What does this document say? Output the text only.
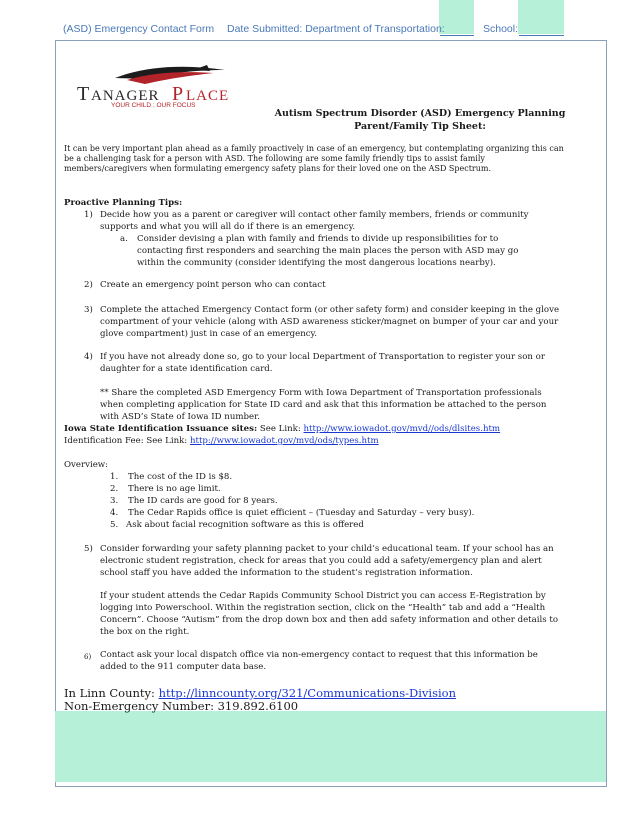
(ASD) Emergency Contact Form Date Submitted: Department of Transportation:
	School:

T ANAGER P LACE
YOUR CHILD : OUR FOCUS
Autism Spectrum Disorder (ASD) Emergency Planning
Parent/Family Tip Sheet:
It can be very important plan ahead as a family proactively in case of an emergency, but contemplating organizing this can be a challenging task for a person with ASD. The following are some family friendly tips to assist family members/caregivers when formulating emergency safety plans for their loved one on the ASD Spectrum.
Proactive Planning Tips:
1) Decide how you as a parent or caregiver will contact other family members, friends or community supports and what you will all do if there is an emergency.
a. Consider devising a plan with family and friends to divide up responsibilities for to contacting first responders and searching the main places the person with ASD may go within the community (consider identifying the most dangerous locations nearby).
2) Create an emergency point person who can contact
3) Complete the attached Emergency Contact form (or other safety form) and consider keeping in the glove compartment of your vehicle (along with ASD awareness sticker/magnet on bumper of your car and your glove compartment) just in case of an emergency.
4) If you have not already done so, go to your local Department of Transportation to register your son or daughter for a state identification card.
** Share the completed ASD Emergency Form with Iowa Department of Transportation professionals when completing application for State ID card and ask that this information be attached to the person with ASD’s State of Iowa ID number.
Iowa State Identification Issuance sites: See Link: http://www.iowadot.gov/mvd//ods/dlsites.htm
Identification Fee: See Link: http://www.iowadot.gov/mvd/ods/types.htm
Overview:
1. The cost of the ID is $8.
2. There is no age limit.
3. The ID cards are good for 8 years.
4. The Cedar Rapids office is quiet efficient – (Tuesday and Saturday – very busy).
5. Ask about facial recognition software as this is offered
5) Consider forwarding your safety planning packet to your child’s educational team. If your school has an electronic student registration, check for areas that you could add a safety/emergency plan and alert school staff you have added the information to the student’s registration information.
If your student attends the Cedar Rapids Community School District you can access E-Registration by logging into Powerschool. Within the registration section, click on the “Health” tab and add a “Health Concern”. Choose “Autism” from the drop down box and then add safety information and other details to the box on the right.
6) Contact ask your local dispatch office via non-emergency contact to request that this information be added to the 911 computer data base.
In Linn County: http://linncounty.org/321/Communications-Division
Non-Emergency Number: 319.892.6100
